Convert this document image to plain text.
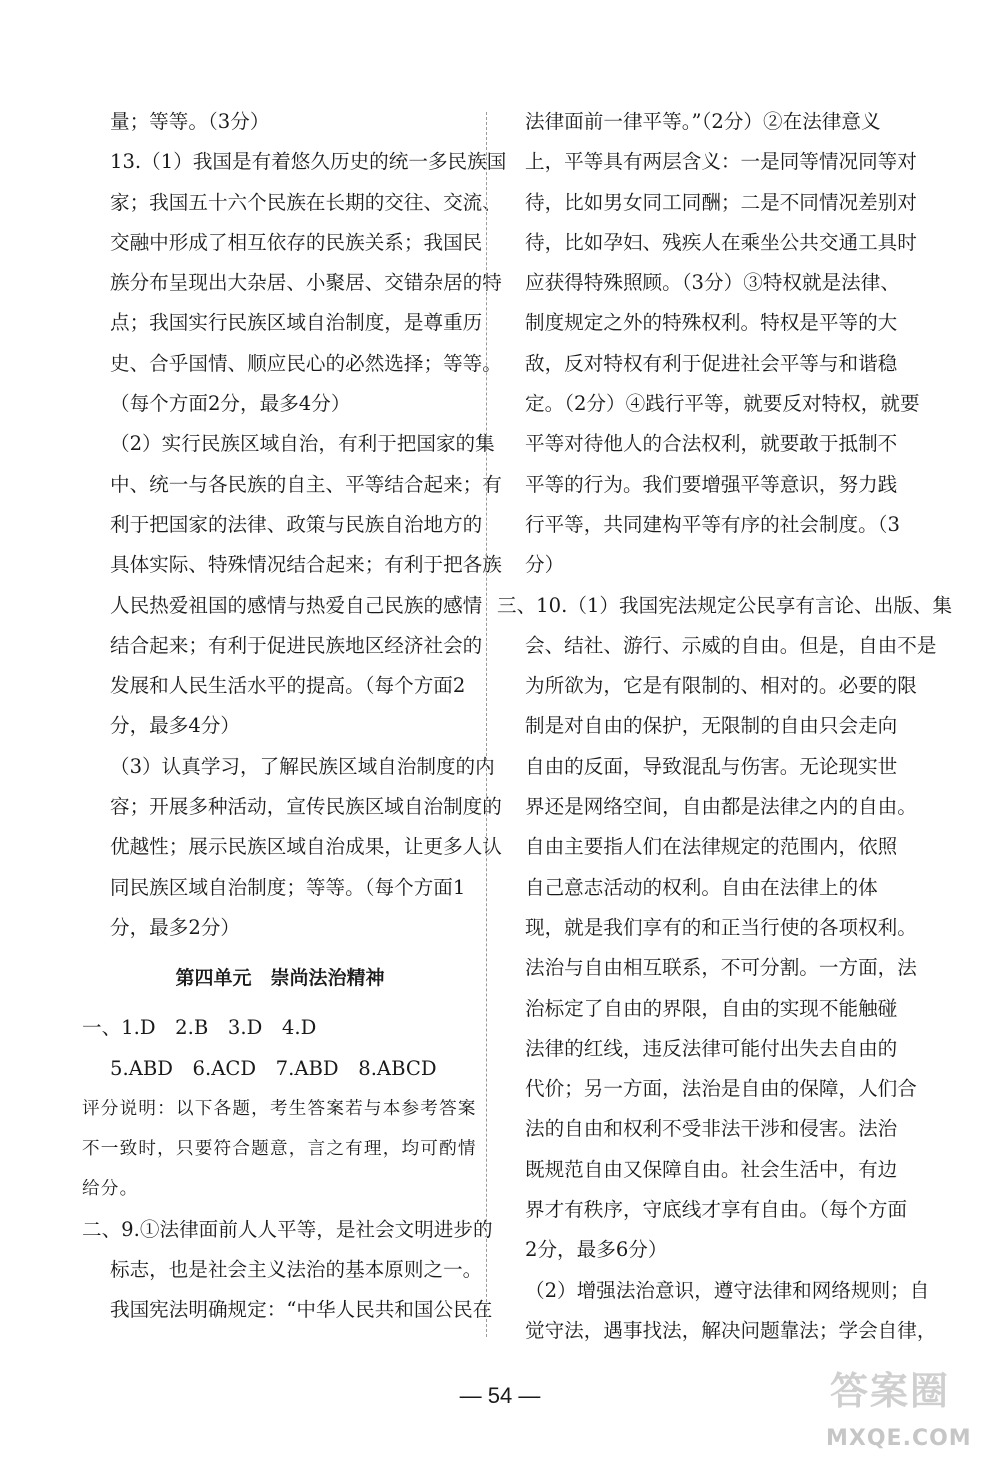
量；等等。（3分）
13.（1）我国是有着悠久历史的统一多民族国
家；我国五十六个民族在长期的交往、交流、
交融中形成了相互依存的民族关系；我国民
族分布呈现出大杂居、小聚居、交错杂居的特
点；我国实行民族区域自治制度，是尊重历
史、合乎国情、顺应民心的必然选择；等等。
（每个方面2分，最多4分）
（2）实行民族区域自治，有利于把国家的集
中、统一与各民族的自主、平等结合起来；有
利于把国家的法律、政策与民族自治地方的
具体实际、特殊情况结合起来；有利于把各族
人民热爱祖国的感情与热爱自己民族的感情
结合起来；有利于促进民族地区经济社会的
发展和人民生活水平的提高。（每个方面2
分，最多4分）
（3）认真学习，了解民族区域自治制度的内
容；开展多种活动，宣传民族区域自治制度的
优越性；展示民族区域自治成果，让更多人认
同民族区域自治制度；等等。（每个方面1
分，最多2分）
第四单元　崇尚法治精神
一、1.D　2.B　3.D　4.D
5.ABD　6.ACD　7.ABD　8.ABCD
评分说明：以下各题，考生答案若与本参考答案
不一致时，只要符合题意，言之有理，均可酌情
给分。
二、9.①法律面前人人平等，是社会文明进步的
标志，也是社会主义法治的基本原则之一。
我国宪法明确规定：“中华人民共和国公民在
法律面前一律平等。”（2分）②在法律意义
上，平等具有两层含义：一是同等情况同等对
待，比如男女同工同酬；二是不同情况差别对
待，比如孕妇、残疾人在乘坐公共交通工具时
应获得特殊照顾。（3分）③特权就是法律、
制度规定之外的特殊权利。特权是平等的大
敌，反对特权有利于促进社会平等与和谐稳
定。（2分）④践行平等，就要反对特权，就要
平等对待他人的合法权利，就要敢于抵制不
平等的行为。我们要增强平等意识，努力践
行平等，共同建构平等有序的社会制度。（3
分）
三、10.（1）我国宪法规定公民享有言论、出版、集
会、结社、游行、示威的自由。但是，自由不是
为所欲为，它是有限制的、相对的。必要的限
制是对自由的保护，无限制的自由只会走向
自由的反面，导致混乱与伤害。无论现实世
界还是网络空间，自由都是法律之内的自由。
自由主要指人们在法律规定的范围内，依照
自己意志活动的权利。自由在法律上的体
现，就是我们享有的和正当行使的各项权利。
法治与自由相互联系，不可分割。一方面，法
治标定了自由的界限，自由的实现不能触碰
法律的红线，违反法律可能付出失去自由的
代价；另一方面，法治是自由的保障，人们合
法的自由和权利不受非法干涉和侵害。法治
既规范自由又保障自由。社会生活中，有边
界才有秩序，守底线才享有自由。（每个方面
2分，最多6分）
（2）增强法治意识，遵守法律和网络规则；自
觉守法，遇事找法，解决问题靠法；学会自律，
— 54 —	答案圈
MXQE.COM
